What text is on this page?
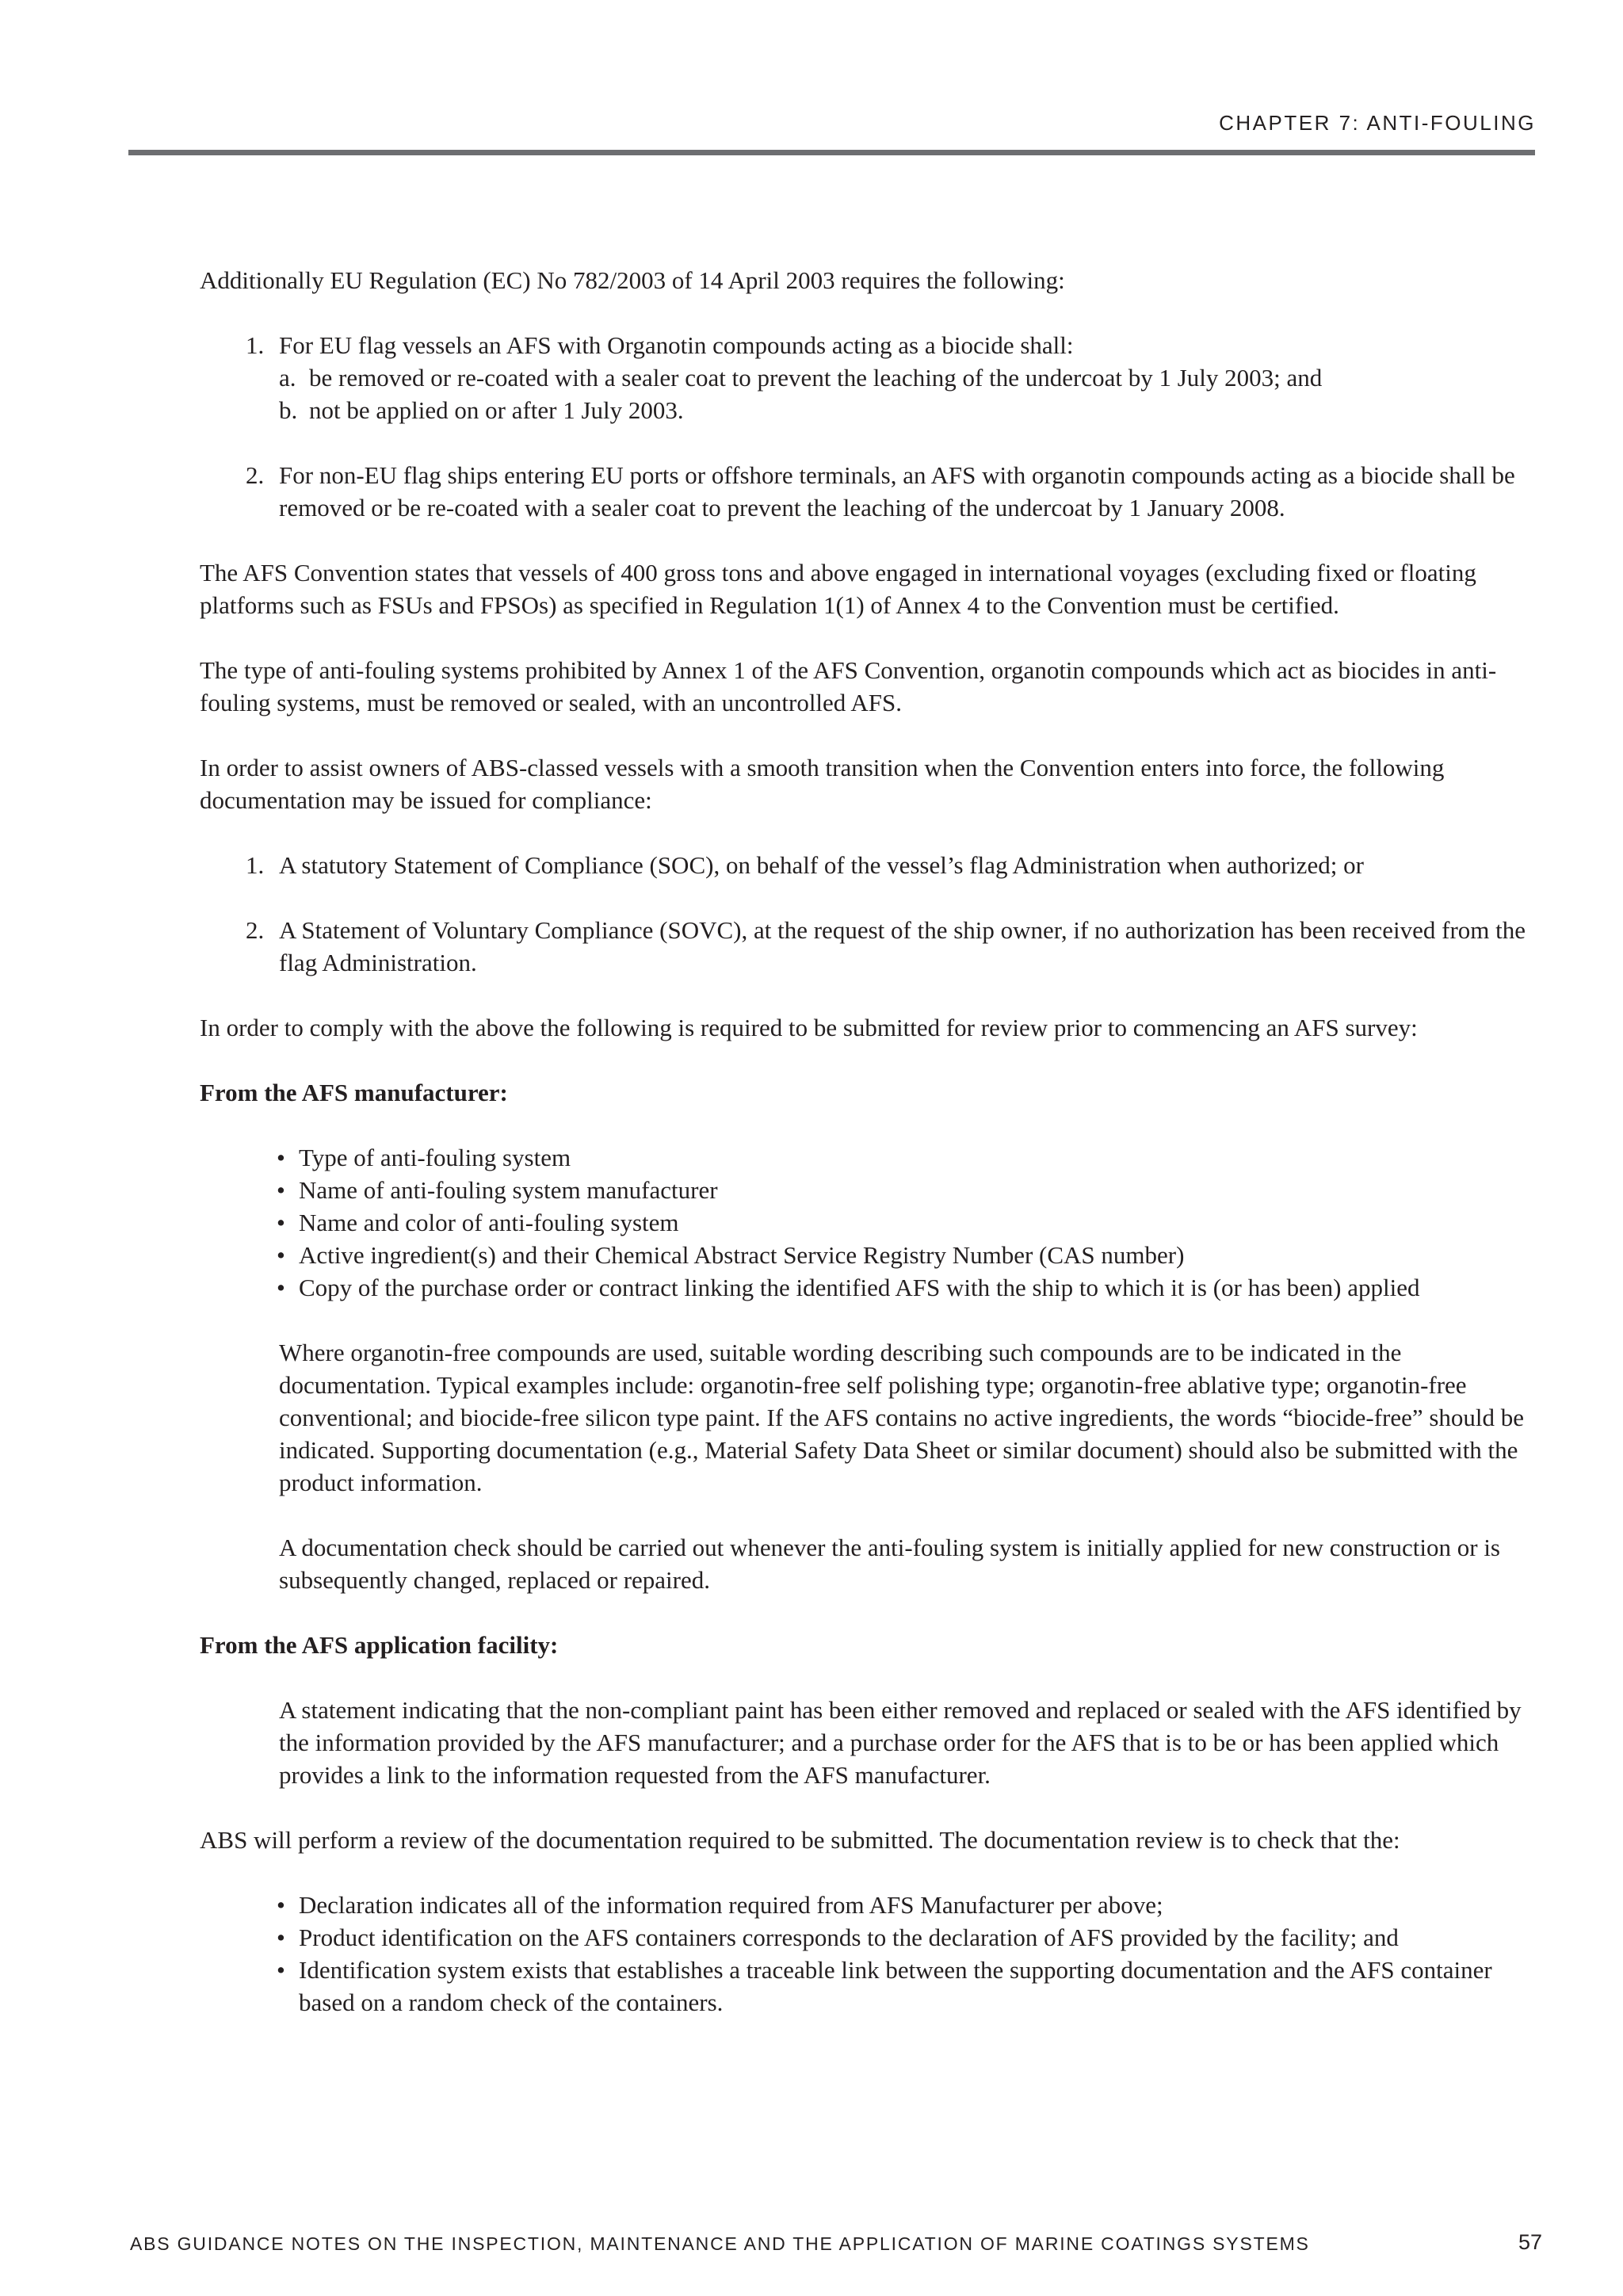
CHAPTER 7: ANTI-FOULING

Additionally EU Regulation (EC) No 782/2003 of 14 April 2003 requires the following:

1. For EU flag vessels an AFS with Organotin compounds acting as a biocide shall:
a. be removed or re-coated with a sealer coat to prevent the leaching of the undercoat by 1 July 2003; and
b. not be applied on or after 1 July 2003.
2. For non-EU flag ships entering EU ports or offshore terminals, an AFS with organotin compounds acting as a biocide shall be removed or be re-coated with a sealer coat to prevent the leaching of the undercoat by 1 January 2008.

The AFS Convention states that vessels of 400 gross tons and above engaged in international voyages (excluding fixed or floating platforms such as FSUs and FPSOs) as specified in Regulation 1(1) of Annex 4 to the Convention must be certified.

The type of anti-fouling systems prohibited by Annex 1 of the AFS Convention, organotin compounds which act as biocides in anti-fouling systems, must be removed or sealed, with an uncontrolled AFS.

In order to assist owners of ABS-classed vessels with a smooth transition when the Convention enters into force, the following documentation may be issued for compliance:

1. A statutory Statement of Compliance (SOC), on behalf of the vessel’s flag Administration when authorized; or
2. A Statement of Voluntary Compliance (SOVC), at the request of the ship owner, if no authorization has been received from the flag Administration.

In order to comply with the above the following is required to be submitted for review prior to commencing an AFS survey:

From the AFS manufacturer:

• Type of anti-fouling system
• Name of anti-fouling system manufacturer
• Name and color of anti-fouling system
• Active ingredient(s) and their Chemical Abstract Service Registry Number (CAS number)
• Copy of the purchase order or contract linking the identified AFS with the ship to which it is (or has been) applied

Where organotin-free compounds are used, suitable wording describing such compounds are to be indicated in the documentation. Typical examples include: organotin-free self polishing type; organotin-free ablative type; organotin-free conventional; and biocide-free silicon type paint. If the AFS contains no active ingredients, the words “biocide-free” should be indicated. Supporting documentation (e.g., Material Safety Data Sheet or similar document) should also be submitted with the product information.

A documentation check should be carried out whenever the anti-fouling system is initially applied for new construction or is subsequently changed, replaced or repaired.

From the AFS application facility:

A statement indicating that the non-compliant paint has been either removed and replaced or sealed with the AFS identified by the information provided by the AFS manufacturer; and a purchase order for the AFS that is to be or has been applied which provides a link to the information requested from the AFS manufacturer.

ABS will perform a review of the documentation required to be submitted. The documentation review is to check that the:

• Declaration indicates all of the information required from AFS Manufacturer per above;
• Product identification on the AFS containers corresponds to the declaration of AFS provided by the facility; and
• Identification system exists that establishes a traceable link between the supporting documentation and the AFS container based on a random check of the containers.
ABS GUIDANCE NOTES ON THE INSPECTION, MAINTENANCE AND THE APPLICATION OF MARINE COATINGS SYSTEMS	57
